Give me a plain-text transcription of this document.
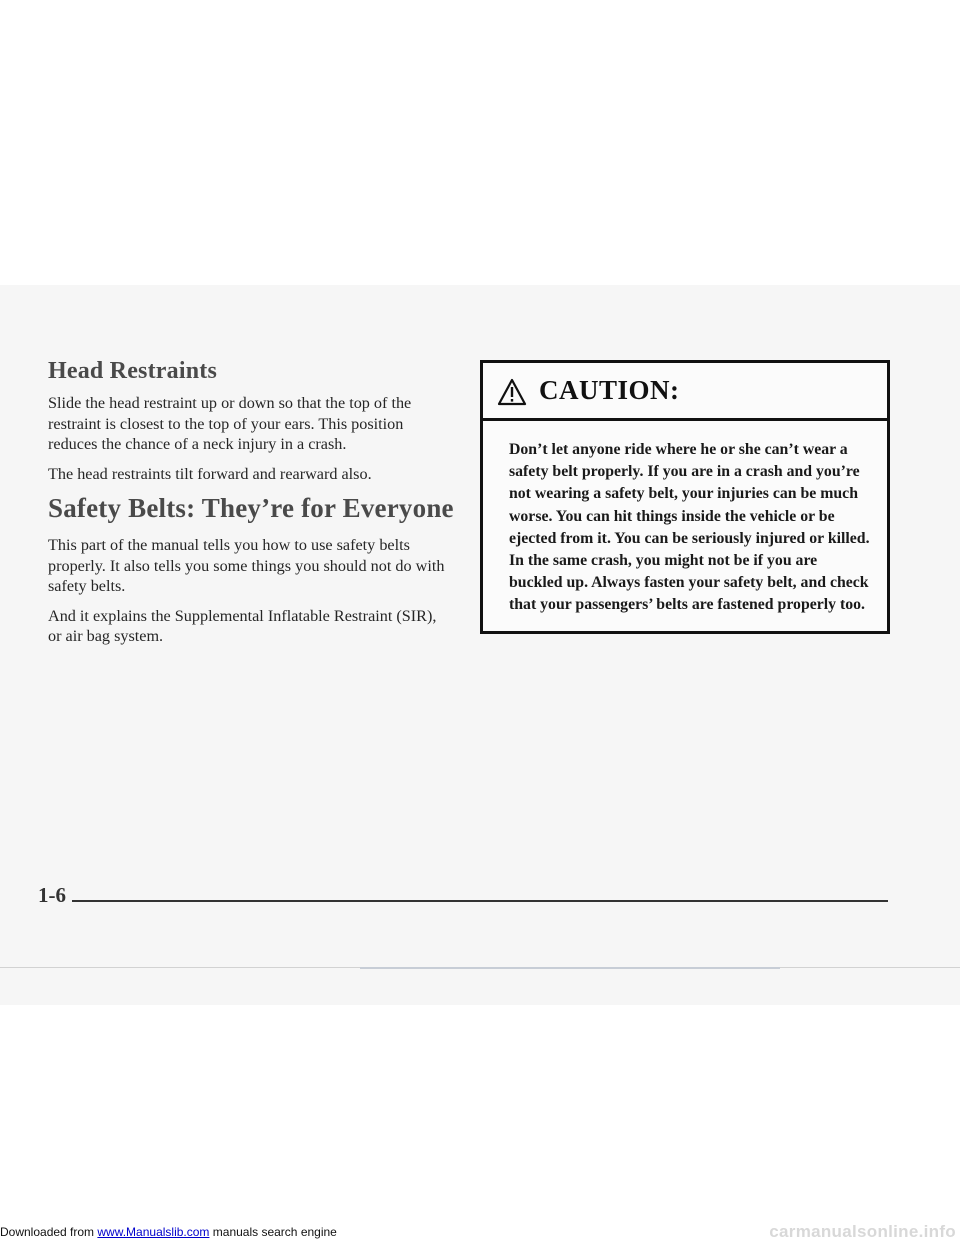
Head Restraints

Slide the head restraint up or down so that the top of the restraint is closest to the top of your ears. This position reduces the chance of a neck injury in a crash.

The head restraints tilt forward and rearward also.

Safety Belts: They’re for Everyone

This part of the manual tells you how to use safety belts properly. It also tells you some things you should not do with safety belts.

And it explains the Supplemental Inflatable Restraint (SIR), or air bag system.

CAUTION:
Don’t let anyone ride where he or she can’t wear a safety belt properly. If you are in a crash and you’re not wearing a safety belt, your injuries can be much worse. You can hit things inside the vehicle or be ejected from it. You can be seriously injured or killed. In the same crash, you might not be if you are buckled up. Always fasten your safety belt, and check that your passengers’ belts are fastened properly too.
1-6
Downloaded from www.Manualslib.com manuals search engine	carmanualsonline.info
